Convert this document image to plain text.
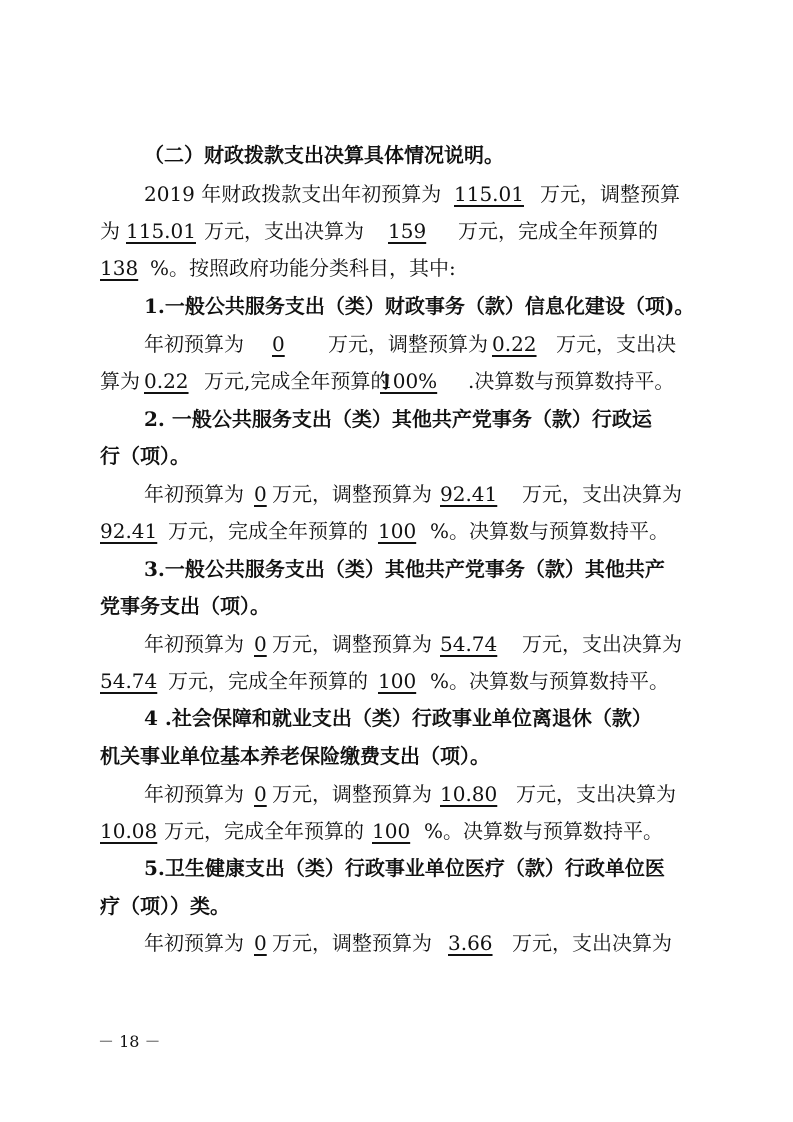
（二）财政拨款支出决算具体情况说明。
2019 年财政拨款支出年初预算为 115.01 万元，调整预算
为 115.01 万元，支出决算为 159 万元，完成全年预算的
138 %。按照政府功能分类科目，其中:
1.一般公共服务支出（类）财政事务（款）信息化建设（项)。
年初预算为 0 万元，调整预算为 0.22 万元，支出决
算为 0.22 万元,完成全年预算的
100% .决算数与预算数持平。
2. 一般公共服务支出（类）其他共产党事务（款）行政运
行（项）。
年初预算为 0 万元，调整预算为 92.41 万元，支出决算为
92.41 万元，完成全年预算的 100 %。决算数与预算数持平。
3.一般公共服务支出（类）其他共产党事务（款）其他共产
党事务支出（项）。
年初预算为 0 万元，调整预算为 54.74 万元，支出决算为
54.74 万元，完成全年预算的 100 %。决算数与预算数持平。
4 .社会保障和就业支出（类）行政事业单位离退休（款）
机关事业单位基本养老保险缴费支出（项）。
年初预算为 0 万元，调整预算为 10.80 万元，支出决算为
10.08 万元，完成全年预算的 100 %。决算数与预算数持平。
5.卫生健康支出（类）行政事业单位医疗（款）行政单位医
疗（项））类。
年初预算为 0 万元，调整预算为 3.66 万元，支出决算为
－ 18 －
